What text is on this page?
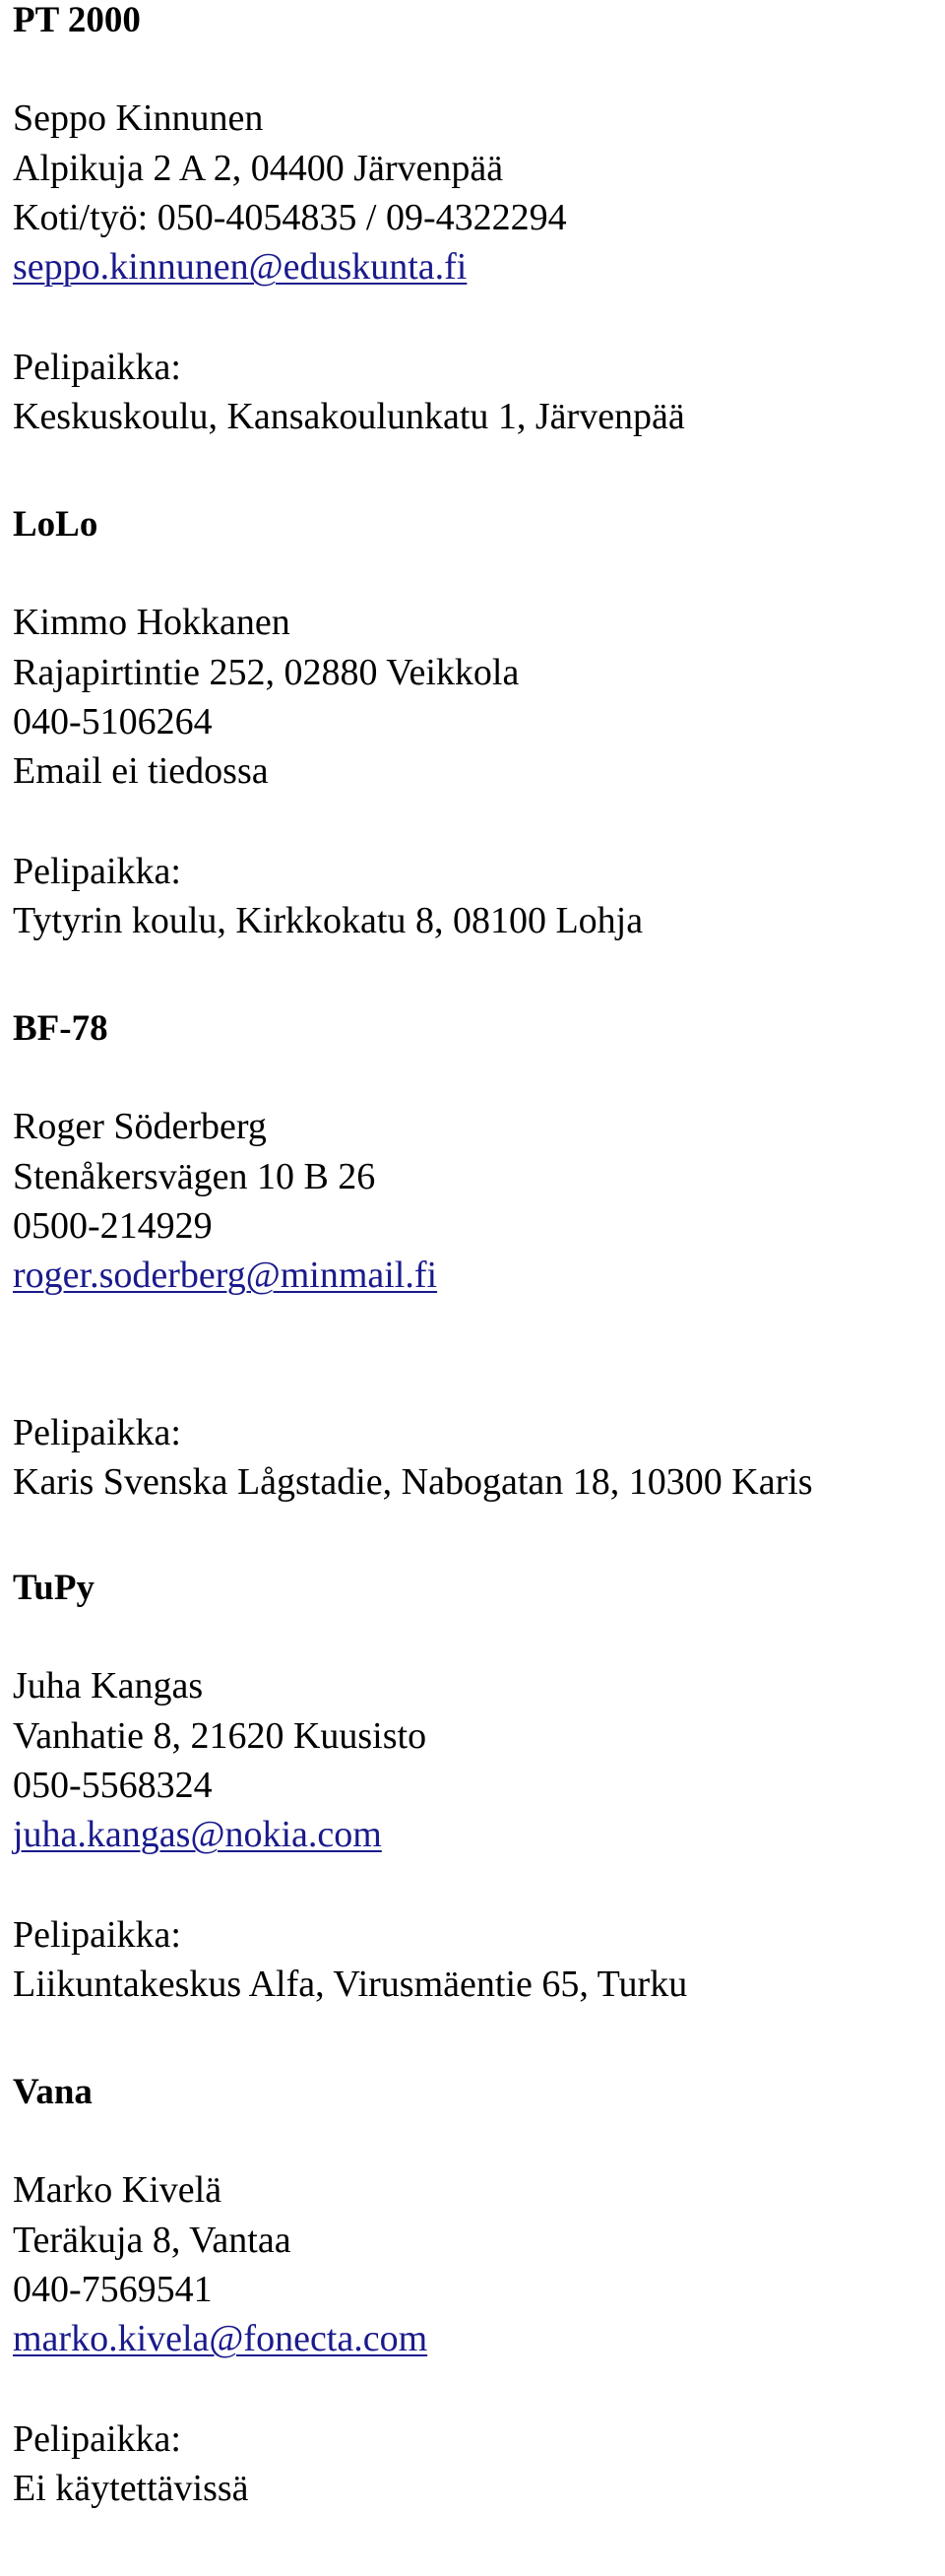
PT 2000
Seppo Kinnunen
Alpikuja 2 A 2, 04400 Järvenpää
Koti/työ: 050-4054835 / 09-4322294
seppo.kinnunen@eduskunta.fi
Pelipaikka:
Keskuskoulu, Kansakoulunkatu 1, Järvenpää
LoLo
Kimmo Hokkanen
Rajapirtintie 252, 02880 Veikkola
040-5106264
Email ei tiedossa
Pelipaikka:
Tytyrin koulu, Kirkkokatu 8, 08100 Lohja
BF-78
Roger Söderberg
Stenåkersvägen 10 B 26
0500-214929
roger.soderberg@minmail.fi
Pelipaikka:
Karis Svenska Lågstadie, Nabogatan 18, 10300 Karis
TuPy
Juha Kangas
Vanhatie 8, 21620 Kuusisto
050-5568324
juha.kangas@nokia.com
Pelipaikka:
Liikuntakeskus Alfa, Virusmäentie 65, Turku
Vana
Marko Kivelä
Teräkuja 8, Vantaa
040-7569541
marko.kivela@fonecta.com
Pelipaikka:
Ei käytettävissä
